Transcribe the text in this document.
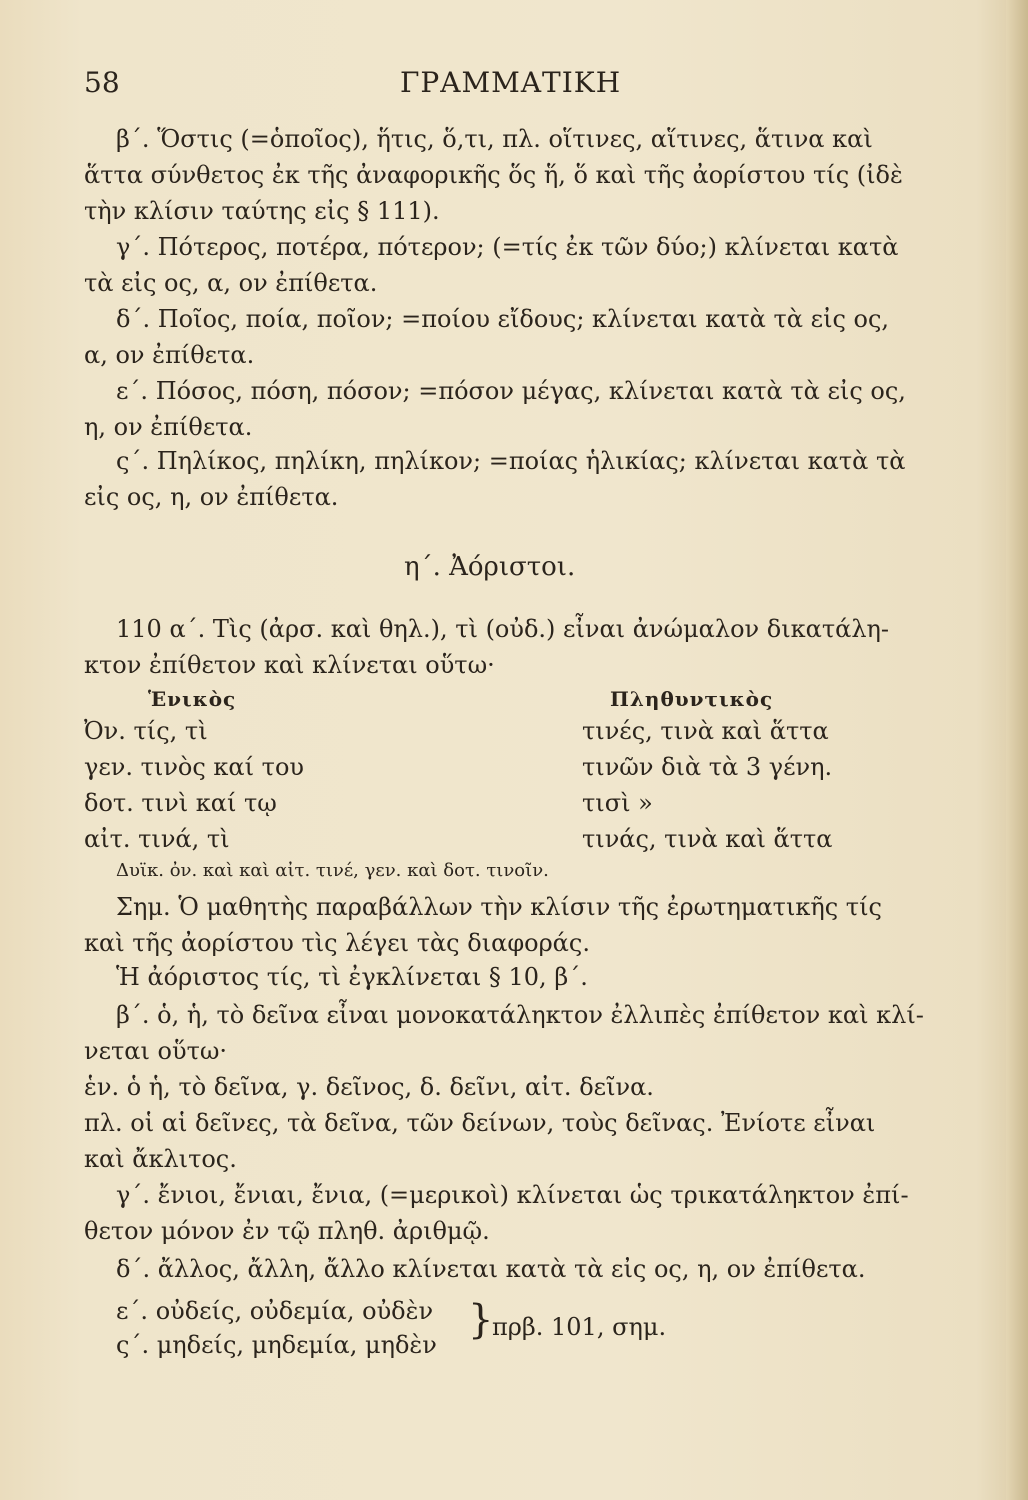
58	ΓΡΑΜΜΑΤΙΚΗ
β΄. Ὅστις (=ὁποῖος), ἥτις, ὅ,τι, πλ. οἵτινες, αἵτινες, ἅτινα καὶ
ἅττα σύνθετος ἐκ τῆς ἀναφορικῆς ὅς ἥ, ὅ καὶ τῆς ἀορίστου τίς (ἰδὲ
τὴν κλίσιν ταύτης εἰς § 111).
γ΄. Πότερος, ποτέρα, πότερον; (=τίς ἐκ τῶν δύο;) κλίνεται κατὰ
τὰ εἰς ος, α, ον ἐπίθετα.
δ΄. Ποῖος, ποία, ποῖον; =ποίου εἴδους; κλίνεται κατὰ τὰ εἰς ος,
α, ον ἐπίθετα.
ε΄. Πόσος, πόση, πόσον; =πόσον μέγας, κλίνεται κατὰ τὰ εἰς ος,
η, ον ἐπίθετα.
ς΄. Πηλίκος, πηλίκη, πηλίκον; =ποίας ἡλικίας; κλίνεται κατὰ τὰ
εἰς ος, η, ον ἐπίθετα.
η΄. Ἀόριστοι.
110 α΄. Τὶς (ἀρσ. καὶ θηλ.), τὶ (οὐδ.) εἶναι ἀνώμαλον δικατάλη-
κτον ἐπίθετον καὶ κλίνεται οὕτω·
Ἑνικὸς	Πληθυντικὸς
Ὀν. τίς, τὶ	τινές, τινὰ καὶ ἅττα
γεν. τινὸς καί του	τινῶν διὰ τὰ 3 γένη.
δοτ. τινὶ καί τῳ	τισὶ »
αἰτ. τινά, τὶ	τινάς, τινὰ καὶ ἅττα
Δυϊκ. ὀν. καὶ καὶ αἰτ. τινέ, γεν. καὶ δοτ. τινοῖν.
Σημ. Ὁ μαθητὴς παραβάλλων τὴν κλίσιν τῆς ἐρωτηματικῆς τίς
καὶ τῆς ἀορίστου τὶς λέγει τὰς διαφοράς.
Ἡ ἀόριστος τίς, τὶ ἐγκλίνεται § 10, β΄.
β΄. ὁ, ἡ, τὸ δεῖνα εἶναι μονοκατάληκτον ἐλλιπὲς ἐπίθετον καὶ κλί-
νεται οὕτω·
ἑν. ὁ ἡ, τὸ δεῖνα, γ. δεῖνος, δ. δεῖνι, αἰτ. δεῖνα.
πλ. οἱ αἱ δεῖνες, τὰ δεῖνα, τῶν δείνων, τοὺς δεῖνας. Ἐνίοτε εἶναι
καὶ ἄκλιτος.
γ΄. ἔνιοι, ἔνιαι, ἔνια, (=μερικοὶ) κλίνεται ὡς τρικατάληκτον ἐπί-
θετον μόνον ἐν τῷ πληθ. ἀριθμῷ.
δ΄. ἄλλος, ἄλλη, ἄλλο κλίνεται κατὰ τὰ εἰς ος, η, ον ἐπίθετα.
ε΄. οὐδείς, οὐδεμία, οὐδὲν
ς΄. μηδείς, μηδεμία, μηδὲν
}
πρβ. 101, σημ.
